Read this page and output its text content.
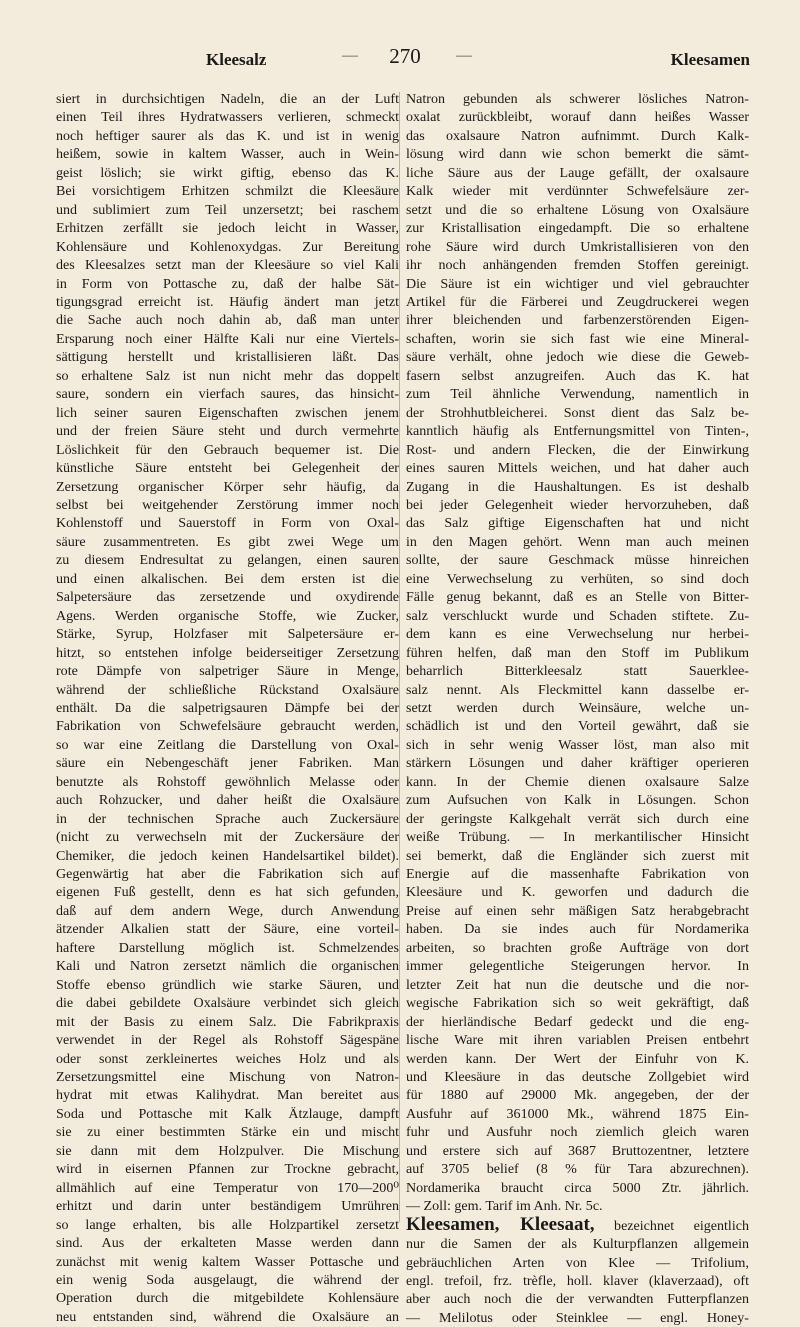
Kleesalz	—	270	—	Kleesamen
siert in durchsichtigen Nadeln, die an der Luft
einen Teil ihres Hydratwassers verlieren, schmeckt
noch heftiger saurer als das K. und ist in wenig
heißem, sowie in kaltem Wasser, auch in Wein-
geist löslich; sie wirkt giftig, ebenso das K.
Bei vorsichtigem Erhitzen schmilzt die Kleesäure
und sublimiert zum Teil unzersetzt; bei raschem
Erhitzen zerfällt sie jedoch leicht in Wasser,
Kohlensäure und Kohlenoxydgas. Zur Bereitung
des Kleesalzes setzt man der Kleesäure so viel Kali
in Form von Pottasche zu, daß der halbe Sät-
tigungsgrad erreicht ist. Häufig ändert man jetzt
die Sache auch noch dahin ab, daß man unter
Ersparung noch einer Hälfte Kali nur eine Viertels-
sättigung herstellt und kristallisieren läßt. Das
so erhaltene Salz ist nun nicht mehr das doppelt
saure, sondern ein vierfach saures, das hinsicht-
lich seiner sauren Eigenschaften zwischen jenem
und der freien Säure steht und durch vermehrte
Löslichkeit für den Gebrauch bequemer ist. Die
künstliche Säure entsteht bei Gelegenheit der
Zersetzung organischer Körper sehr häufig, da
selbst bei weitgehender Zerstörung immer noch
Kohlenstoff und Sauerstoff in Form von Oxal-
säure zusammentreten. Es gibt zwei Wege um
zu diesem Endresultat zu gelangen, einen sauren
und einen alkalischen. Bei dem ersten ist die
Salpetersäure das zersetzende und oxydirende
Agens. Werden organische Stoffe, wie Zucker,
Stärke, Syrup, Holzfaser mit Salpetersäure er-
hitzt, so entstehen infolge beiderseitiger Zersetzung
rote Dämpfe von salpetriger Säure in Menge,
während der schließliche Rückstand Oxalsäure
enthält. Da die salpetrigsauren Dämpfe bei der
Fabrikation von Schwefelsäure gebraucht werden,
so war eine Zeitlang die Darstellung von Oxal-
säure ein Nebengeschäft jener Fabriken. Man
benutzte als Rohstoff gewöhnlich Melasse oder
auch Rohzucker, und daher heißt die Oxalsäure
in der technischen Sprache auch Zuckersäure
(nicht zu verwechseln mit der Zuckersäure der
Chemiker, die jedoch keinen Handelsartikel bildet).
Gegenwärtig hat aber die Fabrikation sich auf
eigenen Fuß gestellt, denn es hat sich gefunden,
daß auf dem andern Wege, durch Anwendung
ätzender Alkalien statt der Säure, eine vorteil-
haftere Darstellung möglich ist. Schmelzendes
Kali und Natron zersetzt nämlich die organischen
Stoffe ebenso gründlich wie starke Säuren, und
die dabei gebildete Oxalsäure verbindet sich gleich
mit der Basis zu einem Salz. Die Fabrikpraxis
verwendet in der Regel als Rohstoff Sägespäne
oder sonst zerkleinertes weiches Holz und als
Zersetzungsmittel eine Mischung von Natron-
hydrat mit etwas Kalihydrat. Man bereitet aus
Soda und Pottasche mit Kalk Ätzlauge, dampft
sie zu einer bestimmten Stärke ein und mischt
sie dann mit dem Holzpulver. Die Mischung
wird in eisernen Pfannen zur Trockne gebracht,
allmählich auf eine Temperatur von 170—200⁰
erhitzt und darin unter beständigem Umrühren
so lange erhalten, bis alle Holzpartikel zersetzt
sind. Aus der erkalteten Masse werden dann
zunächst mit wenig kaltem Wasser Pottasche und
ein wenig Soda ausgelaugt, die während der
Operation durch die mitgebildete Kohlensäure
neu entstanden sind, während die Oxalsäure an
Natron gebunden als schwerer lösliches Natron-
oxalat zurückbleibt, worauf dann heißes Wasser
das oxalsaure Natron aufnimmt. Durch Kalk-
lösung wird dann wie schon bemerkt die sämt-
liche Säure aus der Lauge gefällt, der oxalsaure
Kalk wieder mit verdünnter Schwefelsäure zer-
setzt und die so erhaltene Lösung von Oxalsäure
zur Kristallisation eingedampft. Die so erhaltene
rohe Säure wird durch Umkristallisieren von den
ihr noch anhängenden fremden Stoffen gereinigt.
Die Säure ist ein wichtiger und viel gebrauchter
Artikel für die Färberei und Zeugdruckerei wegen
ihrer bleichenden und farbenzerstörenden Eigen-
schaften, worin sie sich fast wie eine Mineral-
säure verhält, ohne jedoch wie diese die Geweb-
fasern selbst anzugreifen. Auch das K. hat
zum Teil ähnliche Verwendung, namentlich in
der Strohhutbleicherei. Sonst dient das Salz be-
kanntlich häufig als Entfernungsmittel von Tinten-,
Rost- und andern Flecken, die der Einwirkung
eines sauren Mittels weichen, und hat daher auch
Zugang in die Haushaltungen. Es ist deshalb
bei jeder Gelegenheit wieder hervorzuheben, daß
das Salz giftige Eigenschaften hat und nicht
in den Magen gehört. Wenn man auch meinen
sollte, der saure Geschmack müsse hinreichen
eine Verwechselung zu verhüten, so sind doch
Fälle genug bekannt, daß es an Stelle von Bitter-
salz verschluckt wurde und Schaden stiftete. Zu-
dem kann es eine Verwechselung nur herbei-
führen helfen, daß man den Stoff im Publikum
beharrlich Bitterkleesalz statt Sauerklee-
salz nennt. Als Fleckmittel kann dasselbe er-
setzt werden durch Weinsäure, welche un-
schädlich ist und den Vorteil gewährt, daß sie
sich in sehr wenig Wasser löst, man also mit
stärkern Lösungen und daher kräftiger operieren
kann. In der Chemie dienen oxalsaure Salze
zum Aufsuchen von Kalk in Lösungen. Schon
der geringste Kalkgehalt verrät sich durch eine
weiße Trübung. — In merkantilischer Hinsicht
sei bemerkt, daß die Engländer sich zuerst mit
Energie auf die massenhafte Fabrikation von
Kleesäure und K. geworfen und dadurch die
Preise auf einen sehr mäßigen Satz herabgebracht
haben. Da sie indes auch für Nordamerika
arbeiten, so brachten große Aufträge von dort
immer gelegentliche Steigerungen hervor. In
letzter Zeit hat nun die deutsche und die nor-
wegische Fabrikation sich so weit gekräftigt, daß
der hierländische Bedarf gedeckt und die eng-
lische Ware mit ihren variablen Preisen entbehrt
werden kann. Der Wert der Einfuhr von K.
und Kleesäure in das deutsche Zollgebiet wird
für 1880 auf 29000 Mk. angegeben, der der
Ausfuhr auf 361000 Mk., während 1875 Ein-
fuhr und Ausfuhr noch ziemlich gleich waren
und erstere sich auf 3687 Bruttozentner, letztere
auf 3705 belief (8 % für Tara abzurechnen).
Nordamerika braucht circa 5000 Ztr. jährlich.
— Zoll: gem. Tarif im Anh. Nr. 5c.
Kleesamen, Kleesaat, bezeichnet eigentlich
nur die Samen der als Kulturpflanzen allgemein
gebräuchlichen Arten von Klee — Trifolium,
engl. trefoil, frz. trèfle, holl. klaver (klaverzaad), oft
aber auch noch die der verwandten Futterpflanzen
— Melilotus oder Steinklee — engl. Honey-
